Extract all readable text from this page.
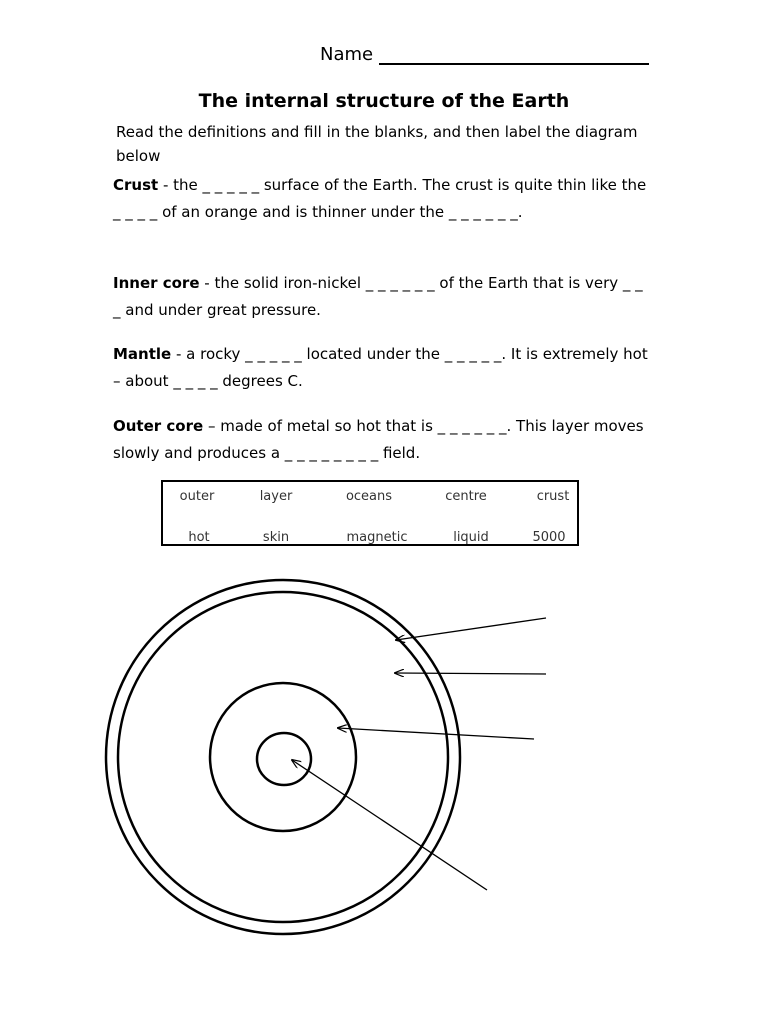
Name
The internal structure of the Earth
Read the definitions and fill in the blanks, and then label the diagram below
Crust - the _ _ _ _ _ surface of the Earth. The crust is quite thin like the _ _ _ _ of an orange and is thinner under the _ _ _ _ _ _.
Inner core - the solid iron-nickel _ _ _ _ _ _ of the Earth that is very _ _ _ and under great pressure.
Mantle - a rocky _ _ _ _ _ located under the _ _ _ _ _. It is extremely hot – about _ _ _ _ degrees C.
Outer core – made of metal so hot that is _ _ _ _ _ _. This layer moves slowly and produces a _ _ _ _ _ _ _ _ field.
outer	layer	oceans	centre	crust
hot	skin	magnetic	liquid	5000
